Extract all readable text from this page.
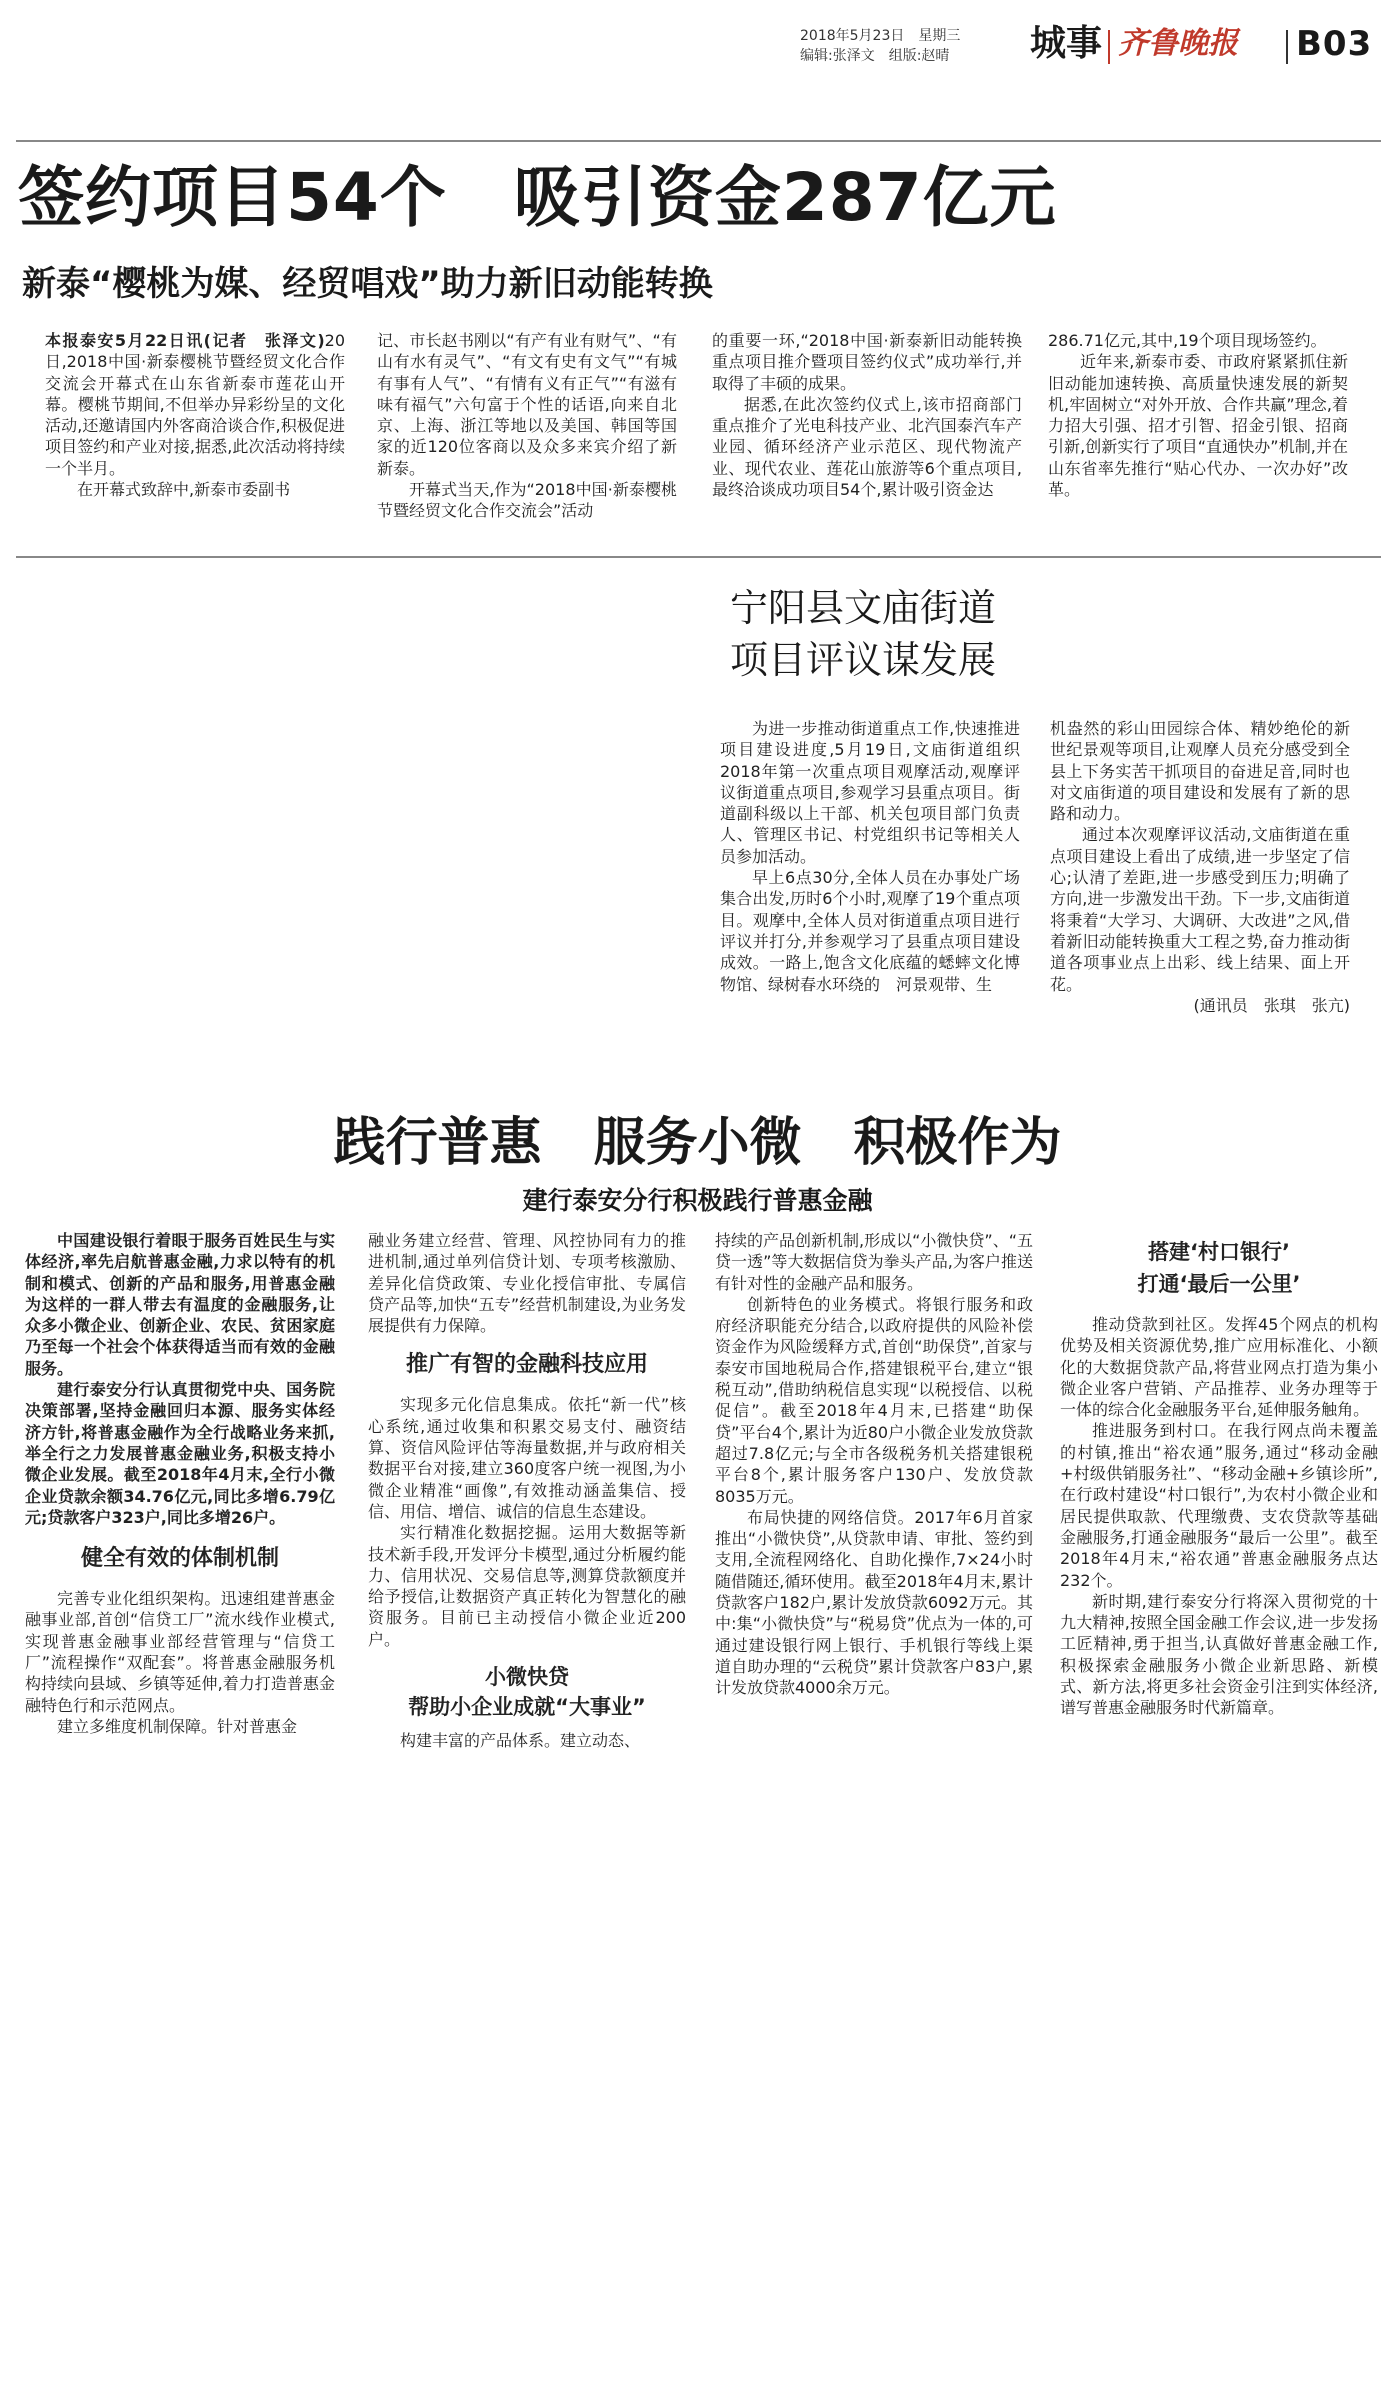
2018年5月23日　星期三
编辑:张泽文　组版:赵晴	城事 齐鲁晚报 B03
签约项目54个　吸引资金287亿元
新泰“樱桃为媒、经贸唱戏”助力新旧动能转换

本报泰安5月22日讯(记者　张泽文)20日,2018中国·新泰樱桃节暨经贸文化合作交流会开幕式在山东省新泰市莲花山开幕。樱桃节期间,不但举办异彩纷呈的文化活动,还邀请国内外客商洽谈合作,积极促进项目签约和产业对接,据悉,此次活动将持续一个半月。

在开幕式致辞中,新泰市委副书

记、市长赵书刚以“有产有业有财气”、“有山有水有灵气”、“有文有史有文气”“有城有事有人气”、“有情有义有正气”“有滋有味有福气”六句富于个性的话语,向来自北京、上海、浙江等地以及美国、韩国等国家的近120位客商以及众多来宾介绍了新新泰。

开幕式当天,作为“2018中国·新泰樱桃节暨经贸文化合作交流会”活动

的重要一环,“2018中国·新泰新旧动能转换重点项目推介暨项目签约仪式”成功举行,并取得了丰硕的成果。

据悉,在此次签约仪式上,该市招商部门重点推介了光电科技产业、北汽国泰汽车产业园、循环经济产业示范区、现代物流产业、现代农业、莲花山旅游等6个重点项目,最终洽谈成功项目54个,累计吸引资金达

286.71亿元,其中,19个项目现场签约。

近年来,新泰市委、市政府紧紧抓住新旧动能加速转换、高质量快速发展的新契机,牢固树立“对外开放、合作共赢”理念,着力招大引强、招才引智、招金引银、招商引新,创新实行了项目“直通快办”机制,并在山东省率先推行“贴心代办、一次办好”改革。

宁阳县文庙街道
项目评议谋发展

为进一步推动街道重点工作,快速推进项目建设进度,5月19日,文庙街道组织2018年第一次重点项目观摩活动,观摩评议街道重点项目,参观学习县重点项目。街道副科级以上干部、机关包项目部门负责人、管理区书记、村党组织书记等相关人员参加活动。

早上6点30分,全体人员在办事处广场集合出发,历时6个小时,观摩了19个重点项目。观摩中,全体人员对街道重点项目进行评议并打分,并参观学习了县重点项目建设成效。一路上,饱含文化底蕴的蟋蟀文化博物馆、绿树春水环绕的　河景观带、生

机盎然的彩山田园综合体、精妙绝伦的新世纪景观等项目,让观摩人员充分感受到全县上下务实苦干抓项目的奋进足音,同时也对文庙街道的项目建设和发展有了新的思路和动力。

通过本次观摩评议活动,文庙街道在重点项目建设上看出了成绩,进一步坚定了信心;认清了差距,进一步感受到压力;明确了方向,进一步激发出干劲。下一步,文庙街道将秉着“大学习、大调研、大改进”之风,借着新旧动能转换重大工程之势,奋力推动街道各项事业点上出彩、线上结果、面上开花。

(通讯员　张琪　张亢)

践行普惠　服务小微　积极作为
建行泰安分行积极践行普惠金融

中国建设银行着眼于服务百姓民生与实体经济,率先启航普惠金融,力求以特有的机制和模式、创新的产品和服务,用普惠金融为这样的一群人带去有温度的金融服务,让众多小微企业、创新企业、农民、贫困家庭乃至每一个社会个体获得适当而有效的金融服务。

建行泰安分行认真贯彻党中央、国务院决策部署,坚持金融回归本源、服务实体经济方针,将普惠金融作为全行战略业务来抓,举全行之力发展普惠金融业务,积极支持小微企业发展。截至2018年4月末,全行小微企业贷款余额34.76亿元,同比多增6.79亿元;贷款客户323户,同比多增26户。

健全有效的体制机制

完善专业化组织架构。迅速组建普惠金融事业部,首创“信贷工厂”流水线作业模式,实现普惠金融事业部经营管理与“信贷工厂”流程操作“双配套”。将普惠金融服务机构持续向县域、乡镇等延伸,着力打造普惠金融特色行和示范网点。

建立多维度机制保障。针对普惠金

融业务建立经营、管理、风控协同有力的推进机制,通过单列信贷计划、专项考核激励、差异化信贷政策、专业化授信审批、专属信贷产品等,加快“五专”经营机制建设,为业务发展提供有力保障。

推广有智的金融科技应用

实现多元化信息集成。依托“新一代”核心系统,通过收集和积累交易支付、融资结算、资信风险评估等海量数据,并与政府相关数据平台对接,建立360度客户统一视图,为小微企业精准“画像”,有效推动涵盖集信、授信、用信、增信、诚信的信息生态建设。

实行精准化数据挖掘。运用大数据等新技术新手段,开发评分卡模型,通过分析履约能力、信用状况、交易信息等,测算贷款额度并给予授信,让数据资产真正转化为智慧化的融资服务。目前已主动授信小微企业近200户。

小微快贷
帮助小企业成就“大事业”

构建丰富的产品体系。建立动态、

持续的产品创新机制,形成以“小微快贷”、“五贷一透”等大数据信贷为拳头产品,为客户推送有针对性的金融产品和服务。

创新特色的业务模式。将银行服务和政府经济职能充分结合,以政府提供的风险补偿资金作为风险缓释方式,首创“助保贷”,首家与泰安市国地税局合作,搭建银税平台,建立“银税互动”,借助纳税信息实现“以税授信、以税促信”。截至2018年4月末,已搭建“助保贷”平台4个,累计为近80户小微企业发放贷款超过7.8亿元;与全市各级税务机关搭建银税平台8个,累计服务客户130户、发放贷款8035万元。

布局快捷的网络信贷。2017年6月首家推出“小微快贷”,从贷款申请、审批、签约到支用,全流程网络化、自助化操作,7×24小时随借随还,循环使用。截至2018年4月末,累计贷款客户182户,累计发放贷款6092万元。其中:集“小微快贷”与“税易贷”优点为一体的,可通过建设银行网上银行、手机银行等线上渠道自助办理的“云税贷”累计贷款客户83户,累计发放贷款4000余万元。

搭建‘村口银行’
打通‘最后一公里’

推动贷款到社区。发挥45个网点的机构优势及相关资源优势,推广应用标准化、小额化的大数据贷款产品,将营业网点打造为集小微企业客户营销、产品推荐、业务办理等于一体的综合化金融服务平台,延伸服务触角。

推进服务到村口。在我行网点尚未覆盖的村镇,推出“裕农通”服务,通过“移动金融+村级供销服务社”、“移动金融+乡镇诊所”,在行政村建设“村口银行”,为农村小微企业和居民提供取款、代理缴费、支农贷款等基础金融服务,打通金融服务“最后一公里”。截至2018年4月末,“裕农通”普惠金融服务点达232个。

新时期,建行泰安分行将深入贯彻党的十九大精神,按照全国金融工作会议,进一步发扬工匠精神,勇于担当,认真做好普惠金融工作,积极探索金融服务小微企业新思路、新模式、新方法,将更多社会资金引注到实体经济,谱写普惠金融服务时代新篇章。
